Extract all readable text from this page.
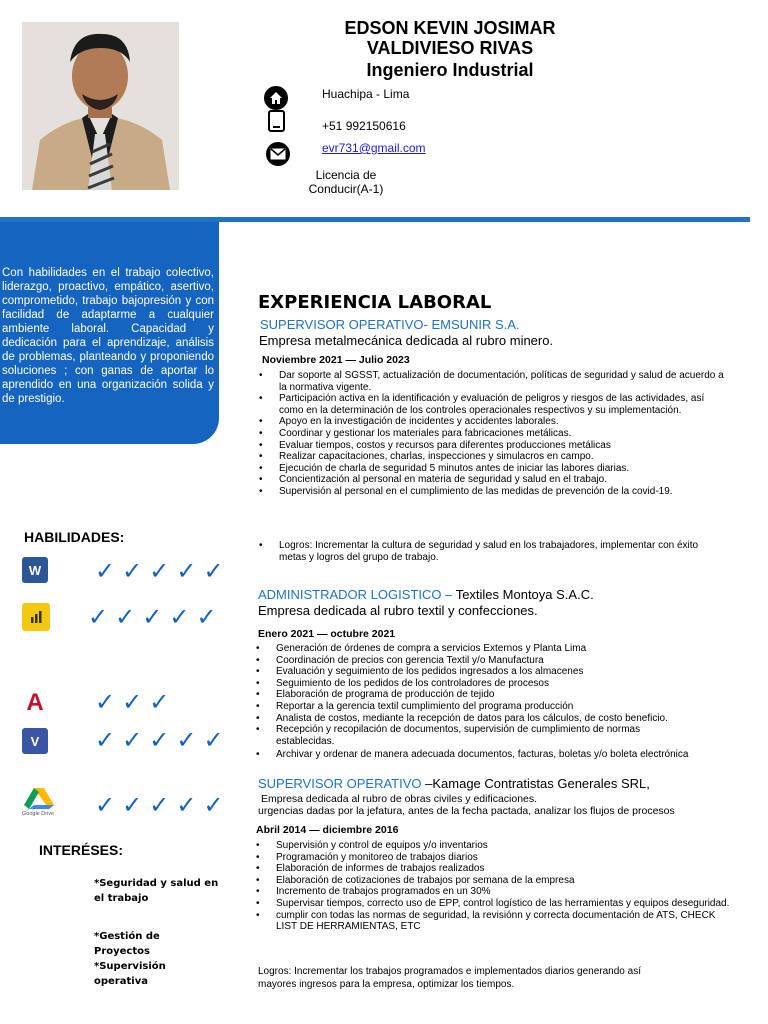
EDSON KEVIN JOSIMAR
VALDIVIESO RIVAS
Ingeniero Industrial
Huachipa - Lima
+51 992150616
evr731@gmail.com
Licencia de
Conducir(A-1)
Con habilidades en el trabajo colectivo, liderazgo, proactivo, empático, asertivo, comprometido, trabajo bajopresión y con facilidad de adaptarme a cualquier ambiente laboral. Capacidad y dedicación para el aprendizaje, análisis de problemas, planteando y proponiendo soluciones ; con ganas de aportar lo aprendido en una organización solida y de prestigio.
HABILIDADES:
W ✓ ✓ ✓ ✓ ✓
✓ ✓ ✓ ✓ ✓
A ✓ ✓ ✓
V	✓ ✓ ✓ ✓ ✓
Google Drive ✓ ✓ ✓ ✓ ✓
INTERÉSES:
*Seguridad y salud en el trabajo
*Gestión de Proyectos
*Supervisión operativa
EXPERIENCIA LABORAL
SUPERVISOR OPERATIVO- EMSUNIR S.A.
Empresa metalmecánica dedicada al rubro minero.
Noviembre 2021 — Julio 2023
• Dar soporte al SGSST, actualización de documentación, políticas de seguridad y salud de acuerdo a la normativa vigente.
• Participación activa en la identificación y evaluación de peligros y riesgos de las actividades, así como en la determinación de los controles operacionales respectivos y su implementación.
• Apoyo en la investigación de incidentes y accidentes laborales.
• Coordinar y gestionar los materiales para fabricaciones metálicas.
• Evaluar tiempos, costos y recursos para diferentes producciones metálicas
• Realizar capacitaciones, charlas, inspecciones y simulacros en campo.
• Ejecución de charla de seguridad 5 minutos antes de iniciar las labores diarias.
• Concientización al personal en materia de seguridad y salud en el trabajo.
• Supervisión al personal en el cumplimiento de las medidas de prevención de la covid-19.
• Logros: Incrementar la cultura de seguridad y salud en los trabajadores, implementar con éxito metas y logros del grupo de trabajo.
ADMINISTRADOR LOGISTICO – Textiles Montoya S.A.C.
Empresa dedicada al rubro textil y confecciones.
Enero 2021 — octubre 2021
• Generación de órdenes de compra a servicios Externos y Planta Lima
• Coordinación de precios con gerencia Textil y/o Manufactura
• Evaluación y seguimiento de los pedidos ingresados a los almacenes
• Seguimiento de los pedidos de los controladores de procesos
• Elaboración de programa de producción de tejido
• Reportar a la gerencia textil cumplimiento del programa producción
• Analista de costos, mediante la recepción de datos para los cálculos, de costo beneficio.
• Recepción y recopilación de documentos, supervisión de cumplimiento de normas establecidas.
• Archivar y ordenar de manera adecuada documentos, facturas, boletas y/o boleta electrónica
SUPERVISOR OPERATIVO –Kamage Contratistas Generales SRL,
Empresa dedicada al rubro de obras civiles y edificaciones.
urgencias dadas por la jefatura, antes de la fecha pactada, analizar los flujos de procesos
Abril 2014 — diciembre 2016
• Supervisión y control de equipos y/o inventarios
• Programación y monitoreo de trabajos diarios
• Elaboración de informes de trabajos realizados
• Elaboración de cotizaciones de trabajos por semana de la empresa
• Incremento de trabajos programados en un 30%
• Supervisar tiempos, correcto uso de EPP, control logístico de las herramientas y equipos deseguridad.
• cumplir con todas las normas de seguridad, la revisiónn y correcta documentación de ATS, CHECK LIST DE HERRAMIENTAS, ETC
Logros: Incrementar los trabajos programados e implementados diarios generando así
mayores ingresos para la empresa, optimizar los tiempos.
